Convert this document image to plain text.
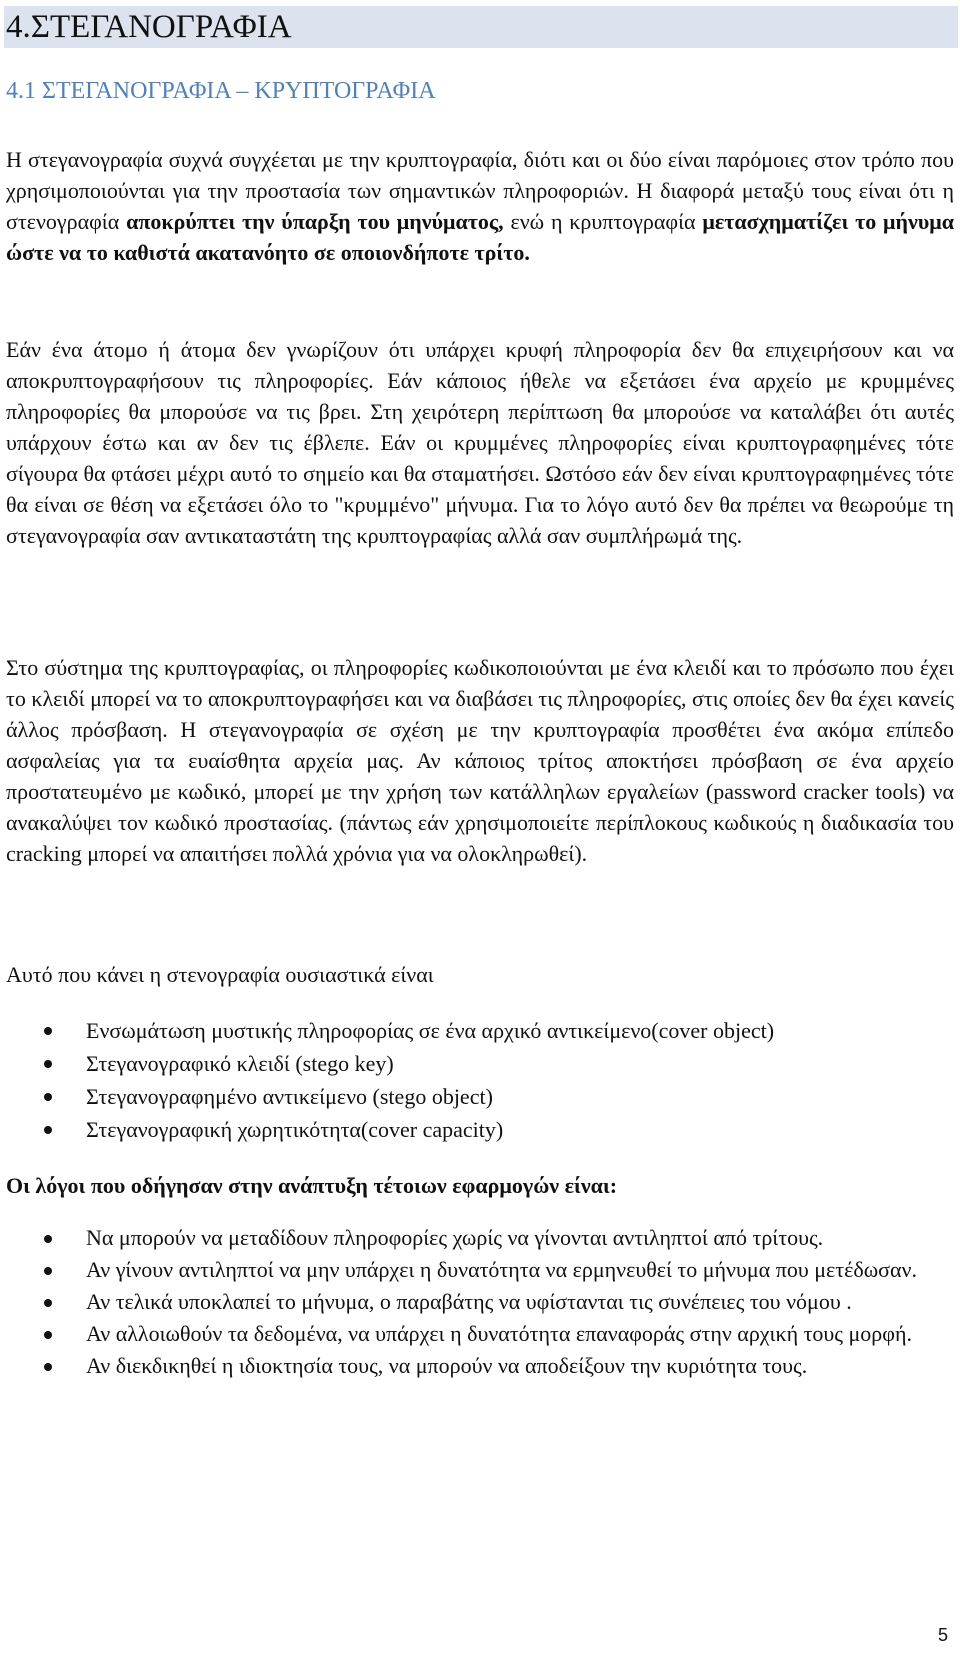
4.ΣΤΕΓΑΝΟΓΡΑΦΙΑ
4.1 ΣΤΕΓΑΝΟΓΡΑΦΙΑ – ΚΡΥΠΤΟΓΡΑΦΙΑ

Η στεγανογραφία συχνά συγχέεται με την κρυπτογραφία, διότι και οι δύο είναι παρόμοιες στον τρόπο που χρησιμοποιούνται για την προστασία των σημαντικών πληροφοριών. Η διαφορά μεταξύ τους είναι ότι η στενογραφία αποκρύπτει την ύπαρξη του μηνύματος, ενώ η κρυπτογραφία μετασχηματίζει το μήνυμα ώστε να το καθιστά ακατανόητο σε οποιονδήποτε τρίτο.

Εάν ένα άτομο ή άτομα δεν γνωρίζουν ότι υπάρχει κρυφή πληροφορία δεν θα επιχειρήσουν και να αποκρυπτογραφήσουν τις πληροφορίες. Εάν κάποιος ήθελε να εξετάσει ένα αρχείο με κρυμμένες πληροφορίες θα μπορούσε να τις βρει. Στη χειρότερη περίπτωση θα μπορούσε να καταλάβει ότι αυτές υπάρχουν έστω και αν δεν τις έβλεπε. Εάν οι κρυμμένες πληροφορίες είναι κρυπτογραφημένες τότε σίγουρα θα φτάσει μέχρι αυτό το σημείο και θα σταματήσει. Ωστόσο εάν δεν είναι κρυπτογραφημένες τότε θα είναι σε θέση να εξετάσει όλο το "κρυμμένο" μήνυμα. Για το λόγο αυτό δεν θα πρέπει να θεωρούμε τη στεγανογραφία σαν αντικαταστάτη της κρυπτογραφίας αλλά σαν συμπλήρωμά της.

Στο σύστημα της κρυπτογραφίας, οι πληροφορίες κωδικοποιούνται με ένα κλειδί και το πρόσωπο που έχει το κλειδί μπορεί να το αποκρυπτογραφήσει και να διαβάσει τις πληροφορίες, στις οποίες δεν θα έχει κανείς άλλος πρόσβαση. Η στεγανογραφία σε σχέση με την κρυπτογραφία προσθέτει ένα ακόμα επίπεδο ασφαλείας για τα ευαίσθητα αρχεία μας. Αν κάποιος τρίτος αποκτήσει πρόσβαση σε ένα αρχείο προστατευμένο με κωδικό, μπορεί με την χρήση των κατάλληλων εργαλείων (password cracker tools) να ανακαλύψει τον κωδικό προστασίας. (πάντως εάν χρησιμοποιείτε περίπλοκους κωδικούς η διαδικασία του cracking μπορεί να απαιτήσει πολλά χρόνια για να ολοκληρωθεί).

Αυτό που κάνει η στενογραφία ουσιαστικά είναι

Ενσωμάτωση μυστικής πληροφορίας σε ένα αρχικό αντικείμενο(cover object)
Στεγανογραφικό κλειδί (stego key)
Στεγανογραφημένο αντικείμενο (stego object)
Στεγανογραφική χωρητικότητα(cover capacity)

Οι λόγοι που οδήγησαν στην ανάπτυξη τέτοιων εφαρμογών είναι:

Να μπορούν να μεταδίδουν πληροφορίες χωρίς να γίνονται αντιληπτοί από τρίτους.
Αν γίνουν αντιληπτοί να μην υπάρχει η δυνατότητα να ερμηνευθεί το μήνυμα που μετέδωσαν.
Αν τελικά υποκλαπεί το μήνυμα, ο παραβάτης να υφίστανται τις συνέπειες του νόμου .
Αν αλλοιωθούν τα δεδομένα, να υπάρχει η δυνατότητα επαναφοράς στην αρχική τους μορφή.
Αν διεκδικηθεί η ιδιοκτησία τους, να μπορούν να αποδείξουν την κυριότητα τους.
5
